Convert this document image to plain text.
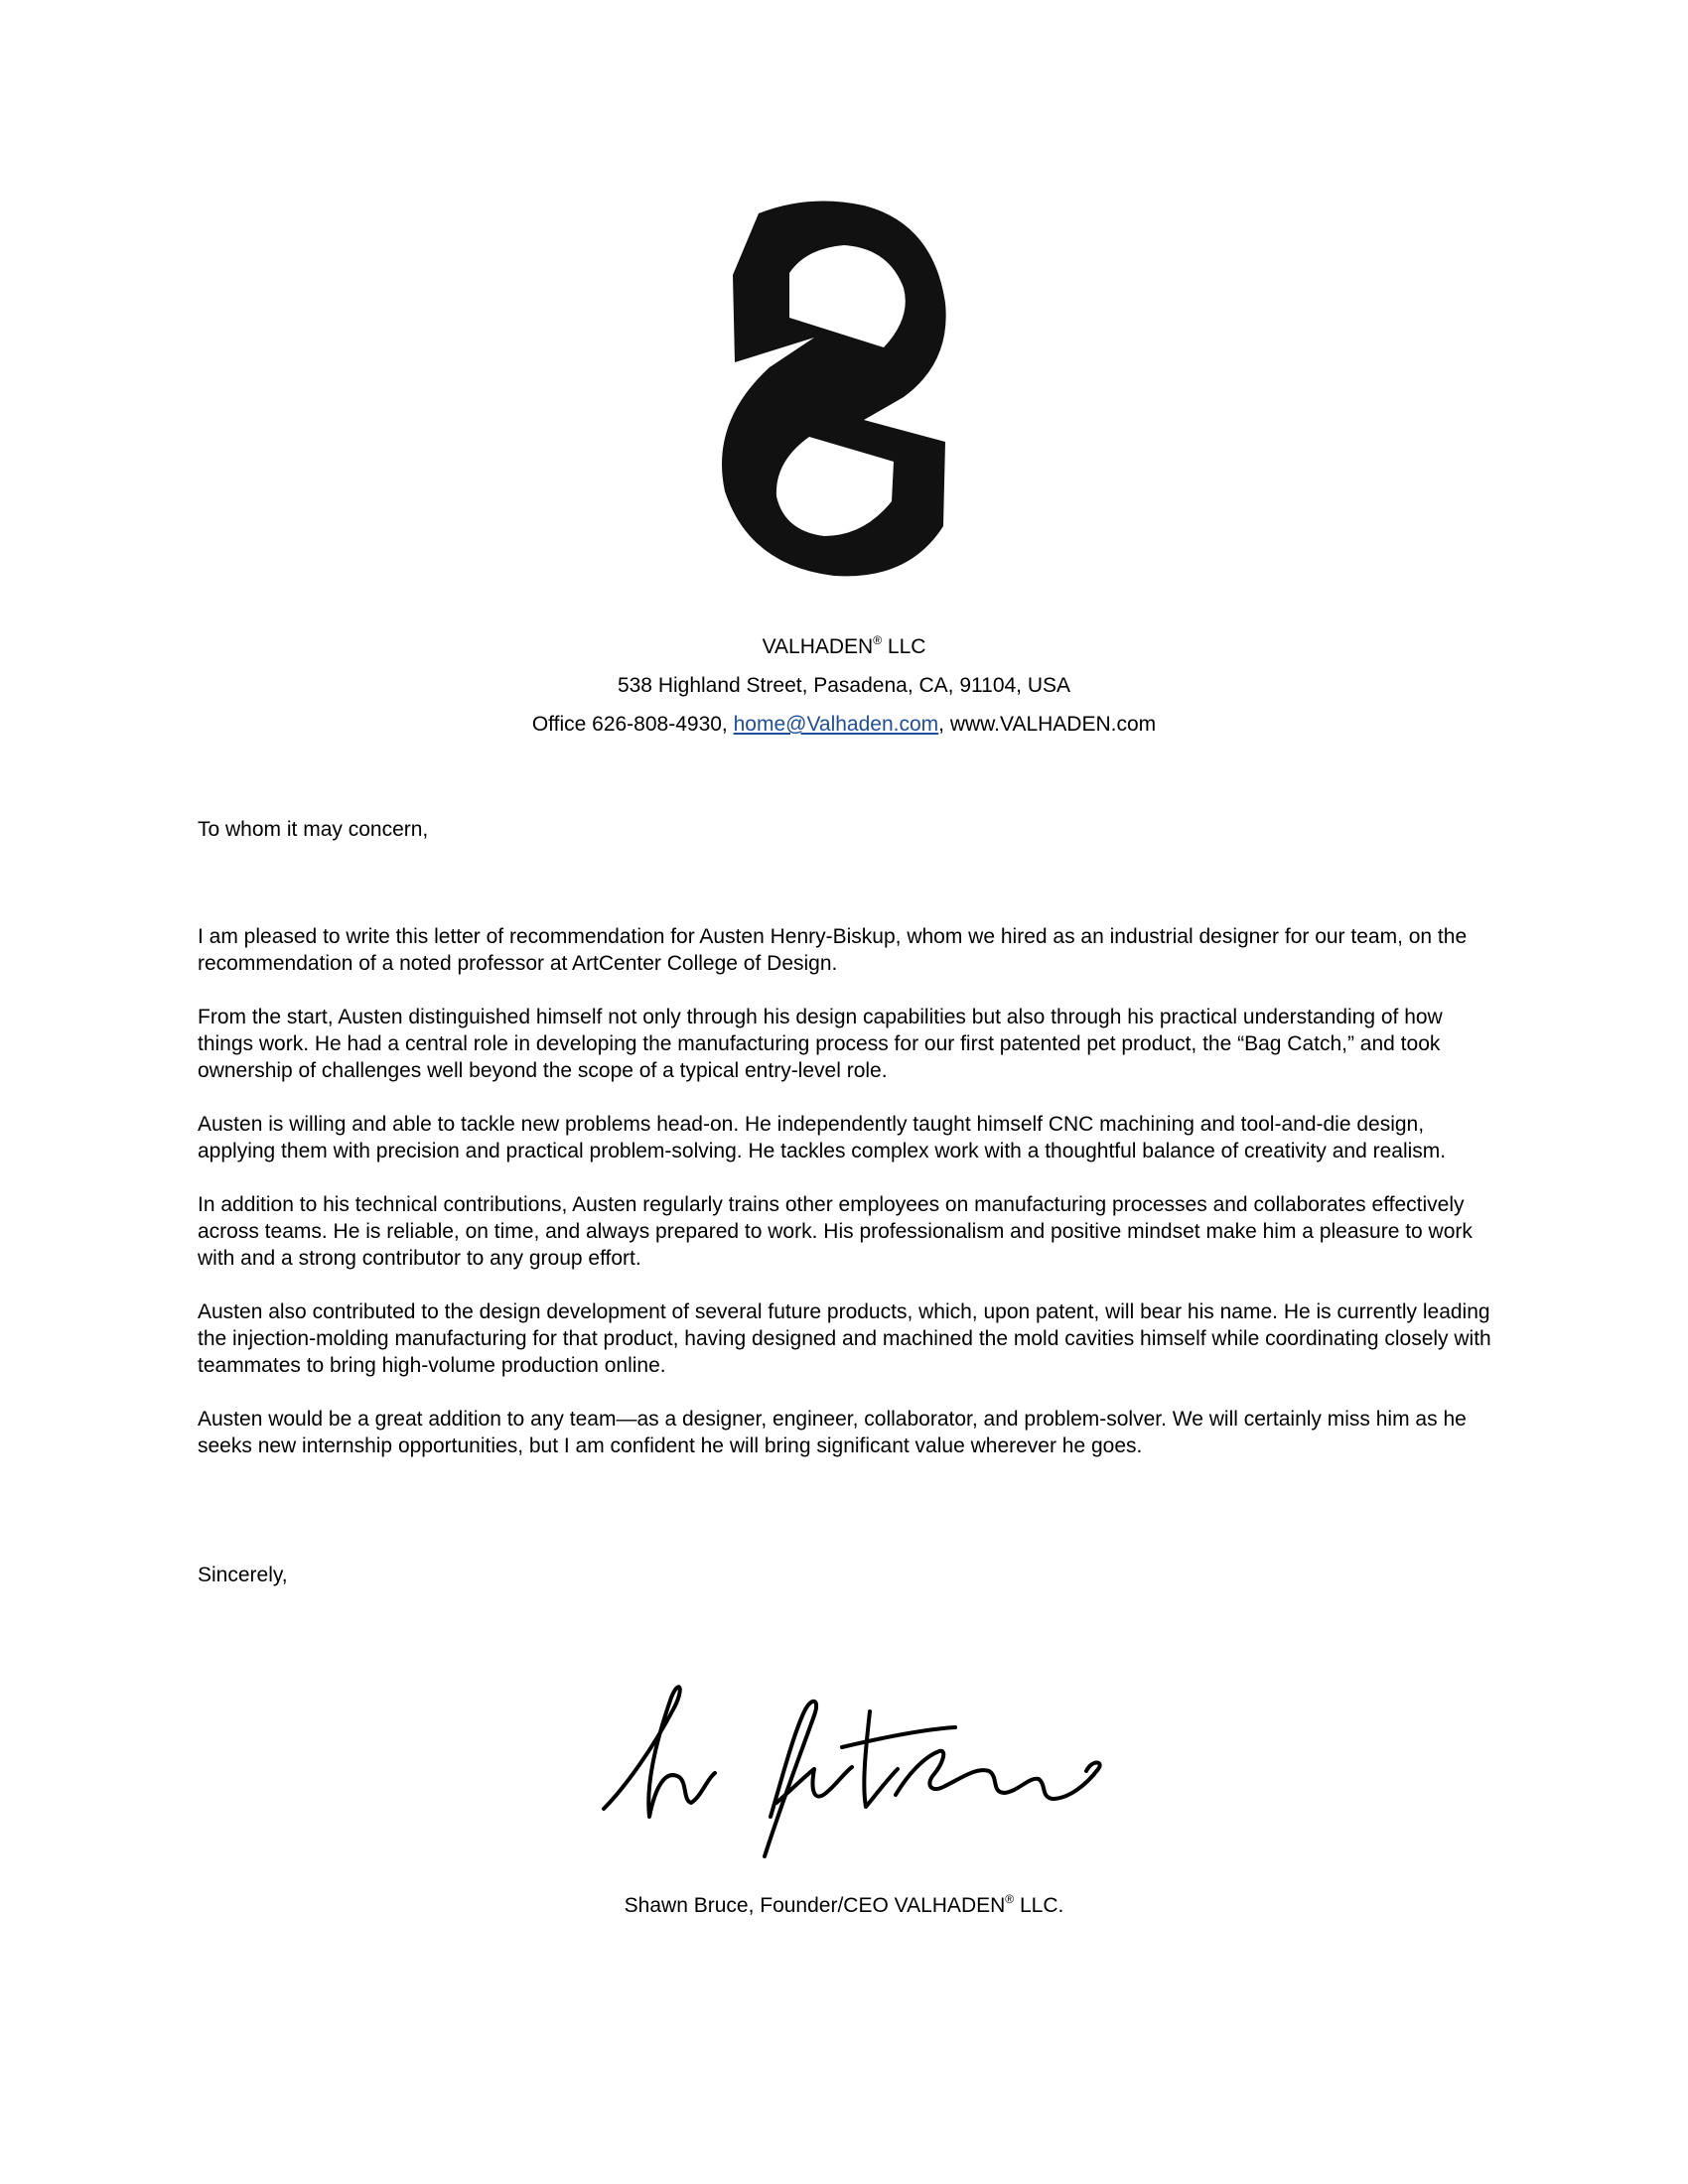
VALHADEN® LLC
538 Highland Street, Pasadena, CA, 91104, USA
Office 626-808-4930, home@Valhaden.com, www.VALHADEN.com
To whom it may concern,

I am pleased to write this letter of recommendation for Austen Henry-Biskup, whom we hired as an industrial designer for our team, on the recommendation of a noted professor at ArtCenter College of Design.

From the start, Austen distinguished himself not only through his design capabilities but also through his practical understanding of how things work. He had a central role in developing the manufacturing process for our first patented pet product, the “Bag Catch,” and took ownership of challenges well beyond the scope of a typical entry-level role.

Austen is willing and able to tackle new problems head-on. He independently taught himself CNC machining and tool-and-die design, applying them with precision and practical problem-solving. He tackles complex work with a thoughtful balance of creativity and realism.

In addition to his technical contributions, Austen regularly trains other employees on manufacturing processes and collaborates effectively across teams. He is reliable, on time, and always prepared to work. His professionalism and positive mindset make him a pleasure to work with and a strong contributor to any group effort.

Austen also contributed to the design development of several future products, which, upon patent, will bear his name. He is currently leading the injection-molding manufacturing for that product, having designed and machined the mold cavities himself while coordinating closely with teammates to bring high-volume production online.

Austen would be a great addition to any team—as a designer, engineer, collaborator, and problem-solver. We will certainly miss him as he seeks new internship opportunities, but I am confident he will bring significant value wherever he goes.

Sincerely,
Shawn Bruce, Founder/CEO VALHADEN® LLC.
